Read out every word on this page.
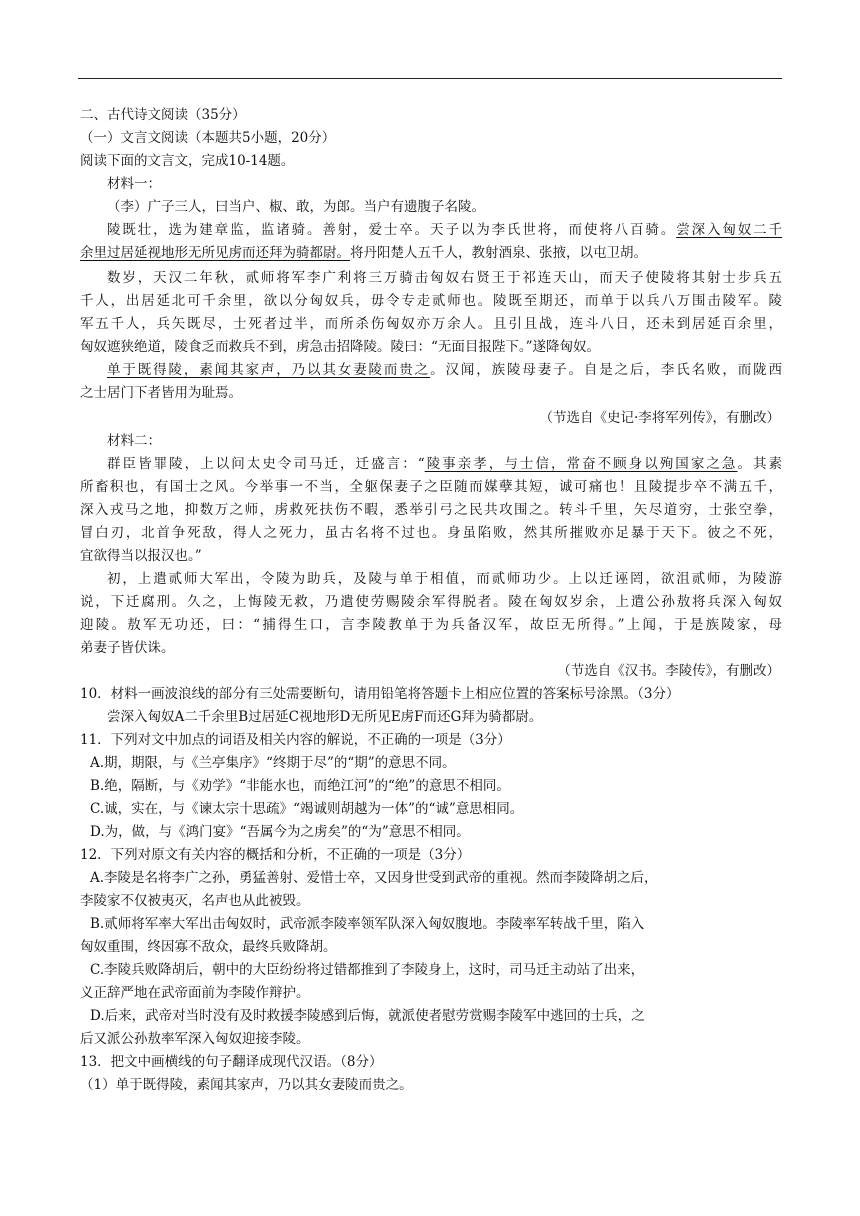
二、古代诗文阅读（35分）
（一）文言文阅读（本题共5小题，20分）
阅读下面的文言文，完成10-14题。
材料一：
（李）广子三人，曰当户、椒、敢，为郎。当户有遗腹子名陵。
陵既壮，选为建章监，监诸骑。善射，爱士卒。天子以为李氏世将，而使将八百骑。尝深入匈奴二千
余里过居延视地形无所见虏而还拜为骑都尉。将丹阳楚人五千人，教射酒泉、张掖，以屯卫胡。
数岁，天汉二年秋，贰师将军李广利将三万骑击匈奴右贤王于祁连天山，而天子使陵将其射士步兵五
千人，出居延北可千余里，欲以分匈奴兵，毋令专走贰师也。陵既至期还，而单于以兵八万围击陵军。陵
军五千人，兵矢既尽，士死者过半，而所杀伤匈奴亦万余人。且引且战，连斗八日，还未到居延百余里，
匈奴遮狭绝道，陵食乏而救兵不到，虏急击招降陵。陵曰：“无面目报陛下。”遂降匈奴。
单于既得陵，素闻其家声，乃以其女妻陵而贵之。汉闻，族陵母妻子。自是之后，李氏名败，而陇西
之士居门下者皆用为耻焉。
（节选自《史记·李将军列传》，有删改）
材料二：
群臣皆罪陵，上以问太史令司马迁，迁盛言：“陵事亲孝，与士信，常奋不顾身以殉国家之急。其素
所畜积也，有国士之风。今举事一不当，全躯保妻子之臣随而媒孽其短，诚可痛也！且陵提步卒不满五千，
深入戎马之地，抑数万之师，虏救死扶伤不暇，悉举引弓之民共攻围之。转斗千里，矢尽道穷，士张空拳，
冒白刃，北首争死敌，得人之死力，虽古名将不过也。身虽陷败，然其所摧败亦足暴于天下。彼之不死，
宜欲得当以报汉也。”
初，上遣贰师大军出，令陵为助兵，及陵与单于相值，而贰师功少。上以迁诬罔，欲沮贰师，为陵游
说，下迁腐刑。久之，上悔陵无救，乃遣使劳赐陵余军得脱者。陵在匈奴岁余，上遣公孙敖将兵深入匈奴
迎陵。敖军无功还，曰：“捕得生口，言李陵教单于为兵备汉军，故臣无所得。”上闻，于是族陵家，母
弟妻子皆伏诛。
（节选自《汉书。李陵传》，有删改）
10．材料一画波浪线的部分有三处需要断句，请用铅笔将答题卡上相应位置的答案标号涂黑。（3分）
尝深入匈奴A二千余里B过居延C视地形D无所见E虏F而还G拜为骑都尉。
11．下列对文中加点的词语及相关内容的解说，不正确的一项是（3分）
A.期，期限，与《兰亭集序》“终期于尽”的“期”的意思不同。
B.绝，隔断，与《劝学》“非能水也，而绝江河”的“绝”的意思不相同。
C.诚，实在，与《谏太宗十思疏》“竭诚则胡越为一体”的“诚”意思相同。
D.为，做，与《鸿门宴》“吾属今为之虏矣”的“为”意思不相同。
12．下列对原文有关内容的概括和分析，不正确的一项是（3分）
A.李陵是名将李广之孙，勇猛善射、爱惜士卒，又因身世受到武帝的重视。然而李陵降胡之后，
李陵家不仅被夷灭，名声也从此被毁。
B.贰师将军率大军出击匈奴时，武帝派李陵率领军队深入匈奴腹地。李陵率军转战千里，陷入
匈奴重围，终因寡不敌众，最终兵败降胡。
C.李陵兵败降胡后，朝中的大臣纷纷将过错都推到了李陵身上，这时，司马迁主动站了出来，
义正辞严地在武帝面前为李陵作辩护。
D.后来，武帝对当时没有及时救援李陵感到后悔，就派使者慰劳赏赐李陵军中逃回的士兵，之
后又派公孙敖率军深入匈奴迎接李陵。
13．把文中画横线的句子翻译成现代汉语。（8分）
（1）单于既得陵，素闻其家声，乃以其女妻陵而贵之。
